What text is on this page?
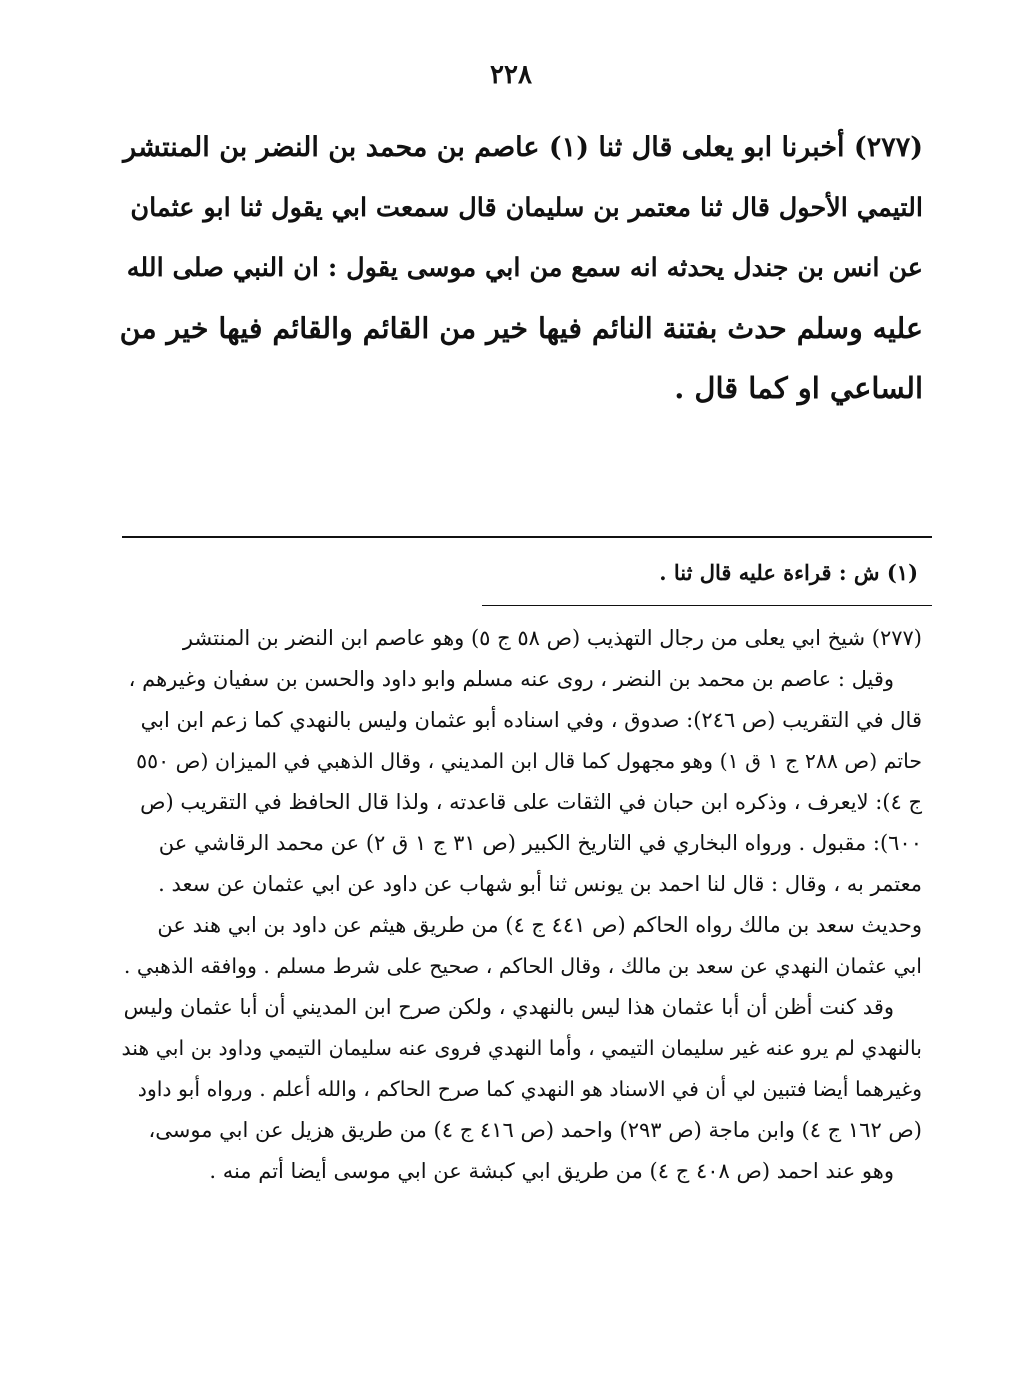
٢٢٨
(٢٧٧) أخبرنا ابو يعلى قال ثنا (١) عاصم بن محمد بن النضر بن المنتشر
التيمي الأحول قال ثنا معتمر بن سليمان قال سمعت ابي يقول ثنا ابو عثمان
عن انس بن جندل يحدثه انه سمع من ابي موسى يقول : ان النبي صلى الله
عليه وسلم حدث بفتنة النائم فيها خير من القائم والقائم فيها خير من
الساعي او كما قال .
(١) ش : قراءة عليه قال ثنا .
(٢٧٧) شيخ ابي يعلى من رجال التهذيب (ص ٥٨ ج ٥) وهو عاصم ابن النضر بن المنتشر
وقيل : عاصم بن محمد بن النضر ، روى عنه مسلم وابو داود والحسن بن سفيان وغيرهم ،
قال في التقريب (ص ٢٤٦): صدوق ، وفي اسناده أبو عثمان وليس بالنهدي كما زعم ابن ابي
حاتم (ص ٢٨٨ ج ١ ق ١) وهو مجهول كما قال ابن المديني ، وقال الذهبي في الميزان (ص ٥٥٠
ج ٤): لايعرف ، وذكره ابن حبان في الثقات على قاعدته ، ولذا قال الحافظ في التقريب (ص
٦٠٠): مقبول . ورواه البخاري في التاريخ الكبير (ص ٣١ ج ١ ق ٢) عن محمد الرقاشي عن
معتمر به ، وقال : قال لنا احمد بن يونس ثنا أبو شهاب عن داود عن ابي عثمان عن سعد .
وحديث سعد بن مالك رواه الحاكم (ص ٤٤١ ج ٤) من طريق هيثم عن داود بن ابي هند عن
ابي عثمان النهدي عن سعد بن مالك ، وقال الحاكم ، صحيح على شرط مسلم . ووافقه الذهبي .
وقد كنت أظن أن أبا عثمان هذا ليس بالنهدي ، ولكن صرح ابن المديني أن أبا عثمان وليس
بالنهدي لم يرو عنه غير سليمان التيمي ، وأما النهدي فروى عنه سليمان التيمي وداود بن ابي هند
وغيرهما أيضا فتبين لي أن في الاسناد هو النهدي كما صرح الحاكم ، والله أعلم . ورواه أبو داود
(ص ١٦٢ ج ٤) وابن ماجة (ص ٢٩٣) واحمد (ص ٤١٦ ج ٤) من طريق هزيل عن ابي موسى،
وهو عند احمد (ص ٤٠٨ ج ٤) من طريق ابي كبشة عن ابي موسى أيضا أتم منه .
